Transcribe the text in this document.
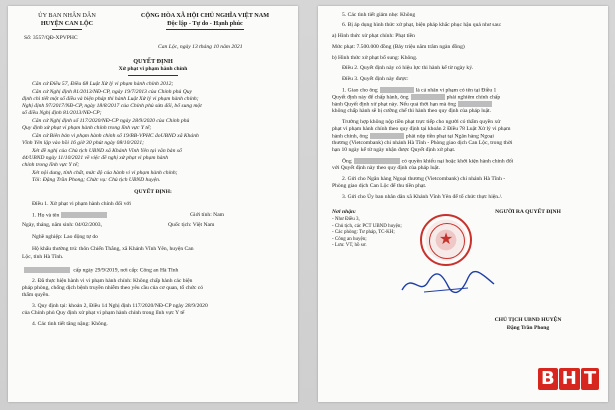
ỦY BAN NHÂN DÂN
HUYỆN CAN LỘC
CỘNG HÒA XÃ HỘI CHỦ NGHĨA VIỆT NAM
Độc lập - Tự do - Hạnh phúc
Số: 3557/QĐ-XPVPHC
Can Lộc, ngày 13 tháng 10 năm 2021
QUYẾT ĐỊNH
Xử phạt vi phạm hành chính
Căn cứ Điều 57, Điều 68 Luật Xử lý vi phạm hành chính 2012;
Căn cứ Nghị định 81/2013/NĐ-CP, ngày 19/7/2013 của Chính phủ Quy
định chi tiết một số điều và biện pháp thi hành Luật Xử lý vi phạm hành chính;
Nghị định 97/2017/NĐ-CP, ngày 18/8/2017 của Chính phủ sửa đổi, bổ sung một
số điều Nghị định 81/2013/NĐ-CP;
Căn cứ Nghị định số 117/2020/NĐ-CP ngày 28/9/2020 của Chính phủ
Quy định xử phạt vi phạm hành chính trong lĩnh vực Y tế;
Căn cứ Biên bản vi phạm hành chính số 19/BB-VPHC đoUBND xã Khánh
Vĩnh Yên lập vào hồi 16 giờ 30 phút ngày 08/10/2021;
Xét đề nghị của Chủ tịch UBND xã Khánh Vĩnh Yên tại văn bản số
44/UBND ngày 11/10/2021 về việc đề nghị xử phạt vi phạm hành
chính trong lĩnh vực Y tế;
Xét nội dung, tính chất, mức độ của hành vi vi phạm hành chính;
Tôi: Đặng Trần Phong; Chức vụ: Chủ tịch UBND huyện.
QUYẾT ĐỊNH:
Điều 1. Xử phạt vi phạm hành chính đối với
1. Họ và tên	Giới tính: Nam
Ngày, tháng, năm sinh: 04/02/2003,	Quốc tịch: Việt Nam
Nghề nghiệp: Lao động tự do
Hộ khẩu thường trú: thôn Chiến Thắng, xã Khánh Vĩnh Yên, huyện Can
Lộc, tỉnh Hà Tĩnh.
cấp ngày 29/9/2019, nơi cấp: Công an Hà Tĩnh
2. Đã thực hiện hành vi vi phạm hành chính: Không chấp hành các biện
pháp phòng, chống dịch bệnh truyền nhiễm theo yêu cầu của cơ quan, tổ chức có
thẩm quyền.
3. Quy định tại: khoản 2, Điều 14 Nghị định 117/2020/NĐ-CP ngày 28/9/2020
của Chính phủ Quy định xử phạt vi phạm hành chính trong lĩnh vực Y tế
4. Các tình tiết tăng nặng: Không.
5. Các tình tiết giảm nhẹ: Không
6. Bị áp dụng hình thức xử phạt, biện pháp khắc phục hậu quả như sau:
a) Hình thức xử phạt chính: Phạt tiền
Mức phạt: 7.500.000 đồng (Bảy triệu năm trăm ngàn đồng)
b) Hình thức xử phạt bổ sung: Không.
Điều 2. Quyết định này có hiệu lực thi hành kể từ ngày ký.
Điều 3. Quyết định này được:
1. Giao cho ông	là cá nhân vi phạm có tên tại Điều 1
Quyết định này để chấp hành, ông	phải nghiêm chỉnh chấp
hành Quyết định xử phạt này. Nếu quá thời hạn mà ông
không chấp hành sẽ bị cưỡng chế thi hành theo quy định của pháp luật.
Trường hợp không nộp tiền phạt trực tiếp cho người có thẩm quyền xử
phạt vi phạm hành chính theo quy định tại khoản 2 Điều 78 Luật Xử lý vi phạm
hành chính, ông	phải nộp tiền phạt tại Ngân hàng Ngoại
thương (Vietcombank) chi nhánh Hà Tĩnh - Phòng giao dịch Can Lộc, trong thời
hạn 10 ngày kể từ ngày nhận được Quyết định xử phạt.
Ông	có quyền khiếu nại hoặc khởi kiện hành chính đối
với Quyết định này theo quy định của pháp luật.
2. Gửi cho Ngân hàng Ngoại thương (Vietcombank) chi nhánh Hà Tĩnh -
Phòng giao dịch Can Lộc để thu tiền phạt.
3. Gửi cho Ủy ban nhân dân xã Khánh Vĩnh Yên để tổ chức thực hiện./.
Nơi nhận:
- Như Điều 3,
- Chủ tịch, các PCT UBND huyện;
- Các phòng: Tư pháp, TC-KH;
- Công an huyện;
- Lưu: VT, hồ sơ.
NGƯỜI RA QUYẾT ĐỊNH
CHỦ TỊCH UBND HUYỆN
Đặng Trần Phong
★
B H T
